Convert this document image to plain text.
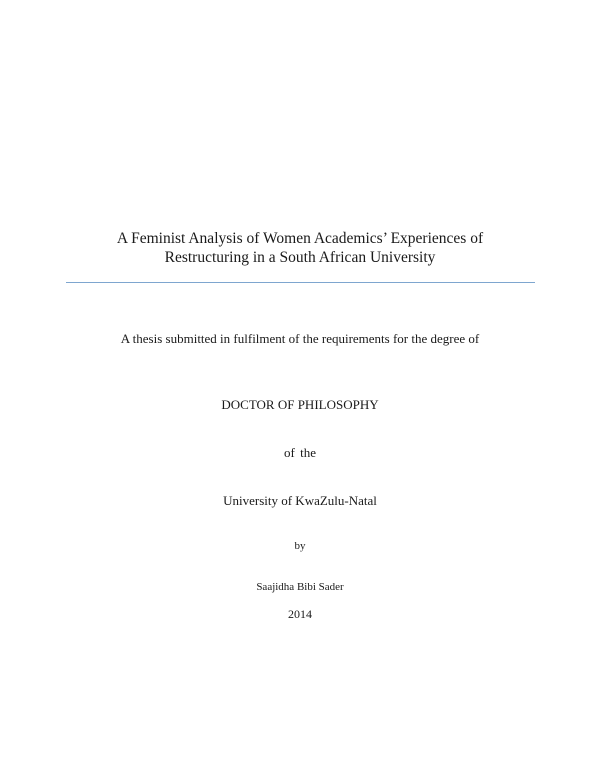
A Feminist Analysis of Women Academics’ Experiences of
Restructuring in a South African University
A thesis submitted in fulfilment of the requirements for the degree of
DOCTOR OF PHILOSOPHY
of the
University of KwaZulu-Natal
by
Saajidha Bibi Sader
2014
